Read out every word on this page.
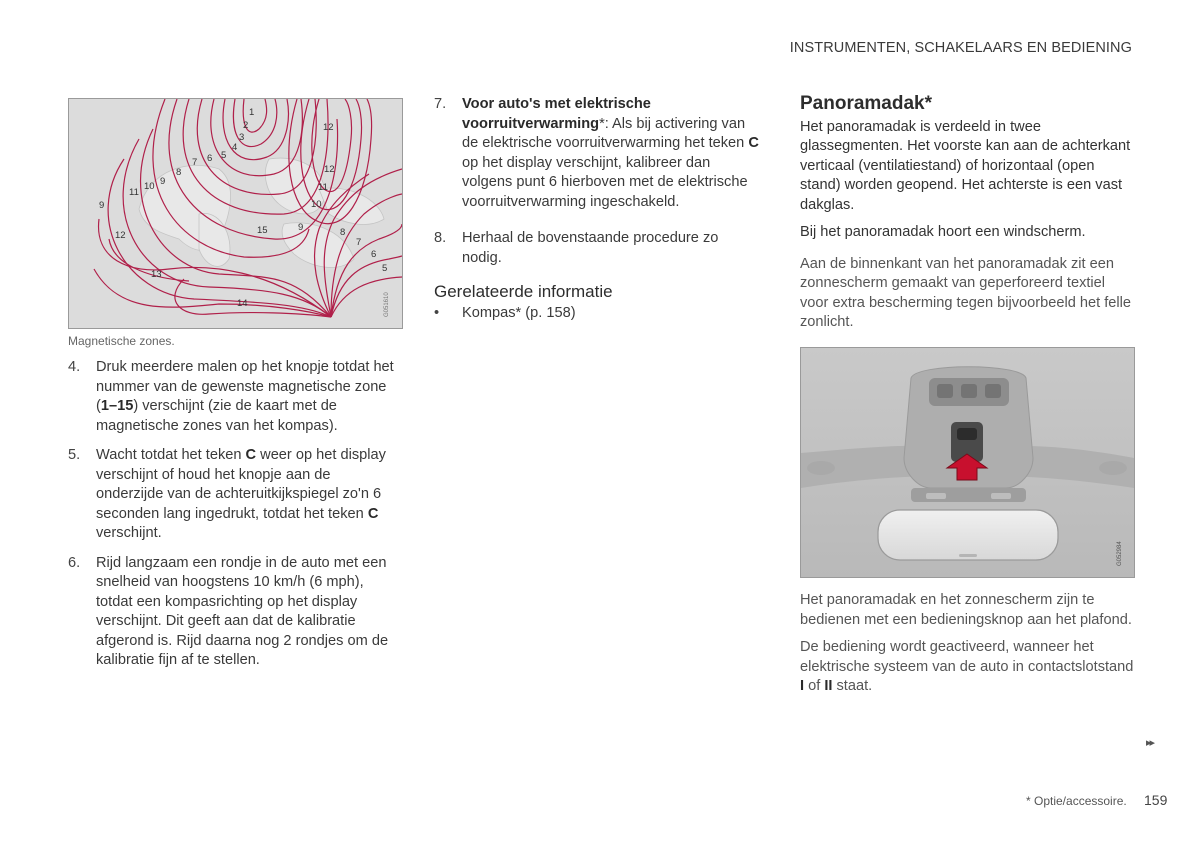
INSTRUMENTEN, SCHAKELAARS EN BEDIENING
1
2
3
4
5
6
7
8
9
10
11
12
12
11
10
9
12
13
14
15	9	8
7
6
5
G051610
Magnetische zones.
4.	Druk meerdere malen op het knopje totdat het nummer van de gewenste magnetische zone (1–15) verschijnt (zie de kaart met de magnetische zones van het kompas).
5.	Wacht totdat het teken C weer op het display verschijnt of houd het knopje aan de onderzijde van de achteruitkijkspiegel zo'n 6 seconden lang ingedrukt, totdat het teken C verschijnt.
6.	Rijd langzaam een rondje in de auto met een snelheid van hoogstens 10 km/h (6 mph), totdat een kompasrichting op het display verschijnt. Dit geeft aan dat de kalibratie afgerond is. Rijd daarna nog 2 rondjes om de kalibratie fijn af te stellen.
7.	Voor auto's met elektrische voorruitverwarming*: Als bij activering van de elektrische voorruitverwarming het teken C op het display verschijnt, kalibreer dan volgens punt 6 hierboven met de elektrische voorruitverwarming ingeschakeld.
8.	Herhaal de bovenstaande procedure zo nodig.
Gerelateerde informatie
•	Kompas* (p. 158)
Panoramadak*

Het panoramadak is verdeeld in twee glassegmenten. Het voorste kan aan de achterkant verticaal (ventilatiestand) of horizontaal (open stand) worden geopend. Het achterste is een vast dakglas.

Bij het panoramadak hoort een windscherm.

Aan de binnenkant van het panoramadak zit een zonnescherm gemaakt van geperforeerd textiel voor extra bescherming tegen bijvoorbeeld het felle zonlicht.

G052984

Het panoramadak en het zonnescherm zijn te bedienen met een bedieningsknop aan het plafond.

De bediening wordt geactiveerd, wanneer het elektrische systeem van de auto in contactslotstand I of II staat.

▸▸
* Optie/accessoire. 159
